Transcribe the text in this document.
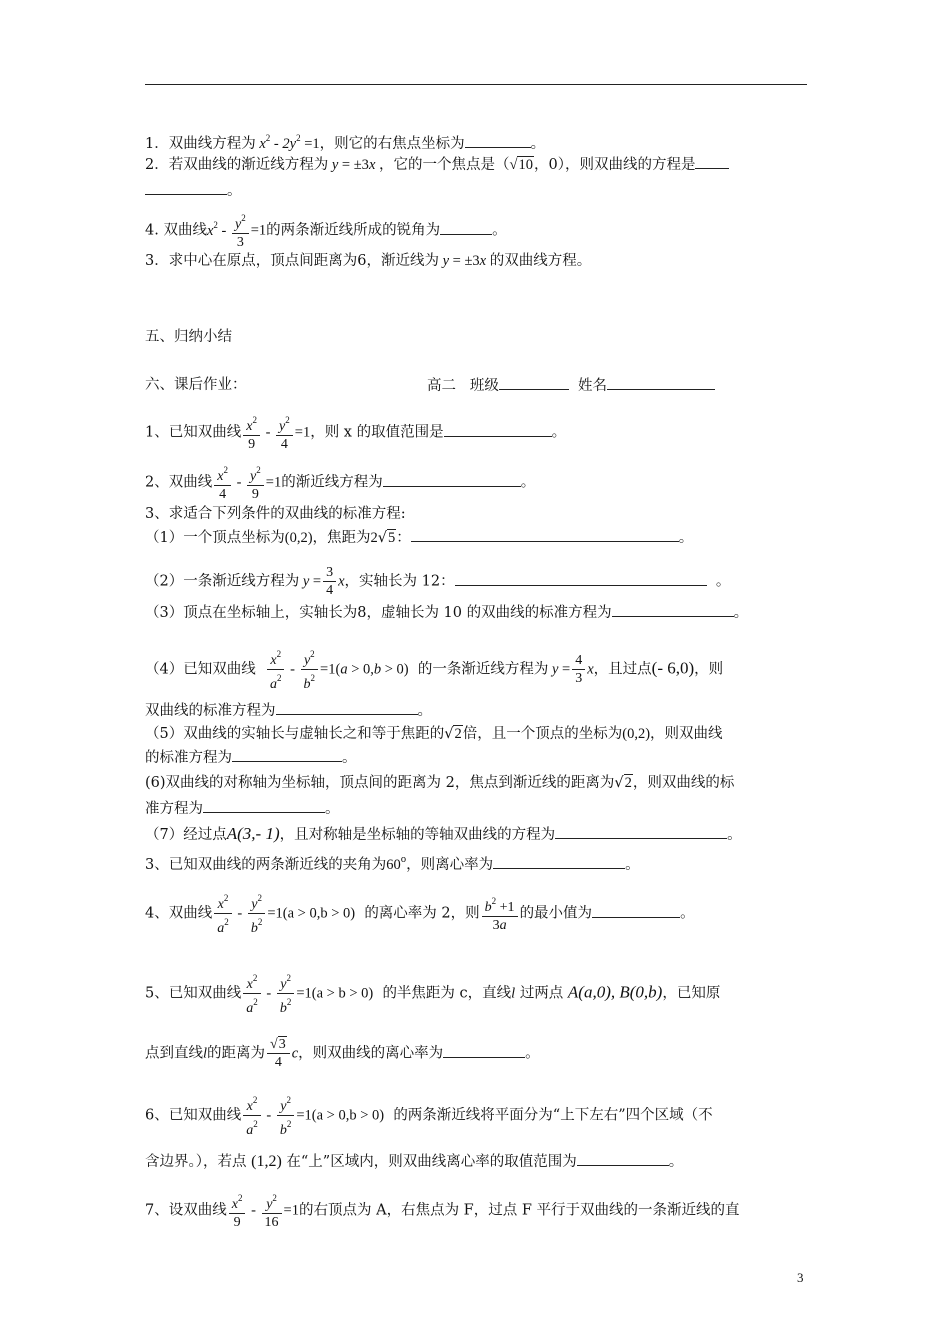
1．双曲线方程为 $x^2 - 2y^2 =1$，则它的右焦点坐标为	。
2．若双曲线的渐近线方程为 y = ±3x ，它的一个焦点是（√10，0），则双曲线的方程是
。
4. 双曲线$x^2 - \frac{y^2}{3} =1$的两条渐近线所成的锐角为	。
3．求中心在原点，顶点间距离为6，渐近线为 y = ±3x 的双曲线方程。
五、归纳小结
六、课后作业：	高二 班级	姓名
1、已知双曲线 $\frac{x^2}{9} - \frac{y^2}{4} =1$，则 x 的取值范围是	。
2、双曲线 $\frac{x^2}{4} - \frac{y^2}{9} =1$的渐近线方程为	。
3、求适合下列条件的双曲线的标准方程:
（1）一个顶点坐标为(0,2)，焦距为2√5：	。
（2）一条渐近线方程为 $y = \frac{3}{4}$ x，实轴长为 12：	。
（3）顶点在坐标轴上，实轴长为8，虚轴长为 10 的双曲线的标准方程为	。
（4）已知双曲线 $\frac{x^2}{a^2} - \frac{y^2}{b^2} =1(a > 0,b > 0)$ 的一条渐近线方程为 $y = \frac{4}{3}$ x，且过点(- 6,0)，则
双曲线的标准方程为	。
（5）双曲线的实轴长与虚轴长之和等于焦距的√2倍，且一个顶点的坐标为(0,2)，则双曲线
的标准方程为	。
(6)双曲线的对称轴为坐标轴，顶点间的距离为 2，焦点到渐近线的距离为√2，则双曲线的标
准方程为	。
（7）经过点A(3,- 1)，且对称轴是坐标轴的等轴双曲线的方程为	。
3、已知双曲线的两条渐近线的夹角为60$^o$，则离心率为	。
4、双曲线 $\frac{x^2}{a^2} - \frac{y^2}{b^2} =1(a > 0,b > 0)$ 的离心率为 2，则 $\frac{b^2 +1}{3a}$ 的最小值为	。
5、已知双曲线 $\frac{x^2}{a^2} - \frac{y^2}{b^2} =1(a > b > 0)$ 的半焦距为 c，直线l 过两点 A(a,0), B(0,b)，已知原
点到直线l的距离为 $\frac{√3}{4}$ c，则双曲线的离心率为	。
6、已知双曲线 $\frac{x^2}{a^2} - \frac{y^2}{b^2} =1(a > 0,b > 0)$ 的两条渐近线将平面分为“上下左右”四个区域（不
含边界。），若点 (1,2) 在“上”区域内，则双曲线离心率的取值范围为	。
7、设双曲线 $\frac{x^2}{9} - \frac{y^2}{16} =1$的右顶点为 A，右焦点为 F，过点 F 平行于双曲线的一条渐近线的直
3
